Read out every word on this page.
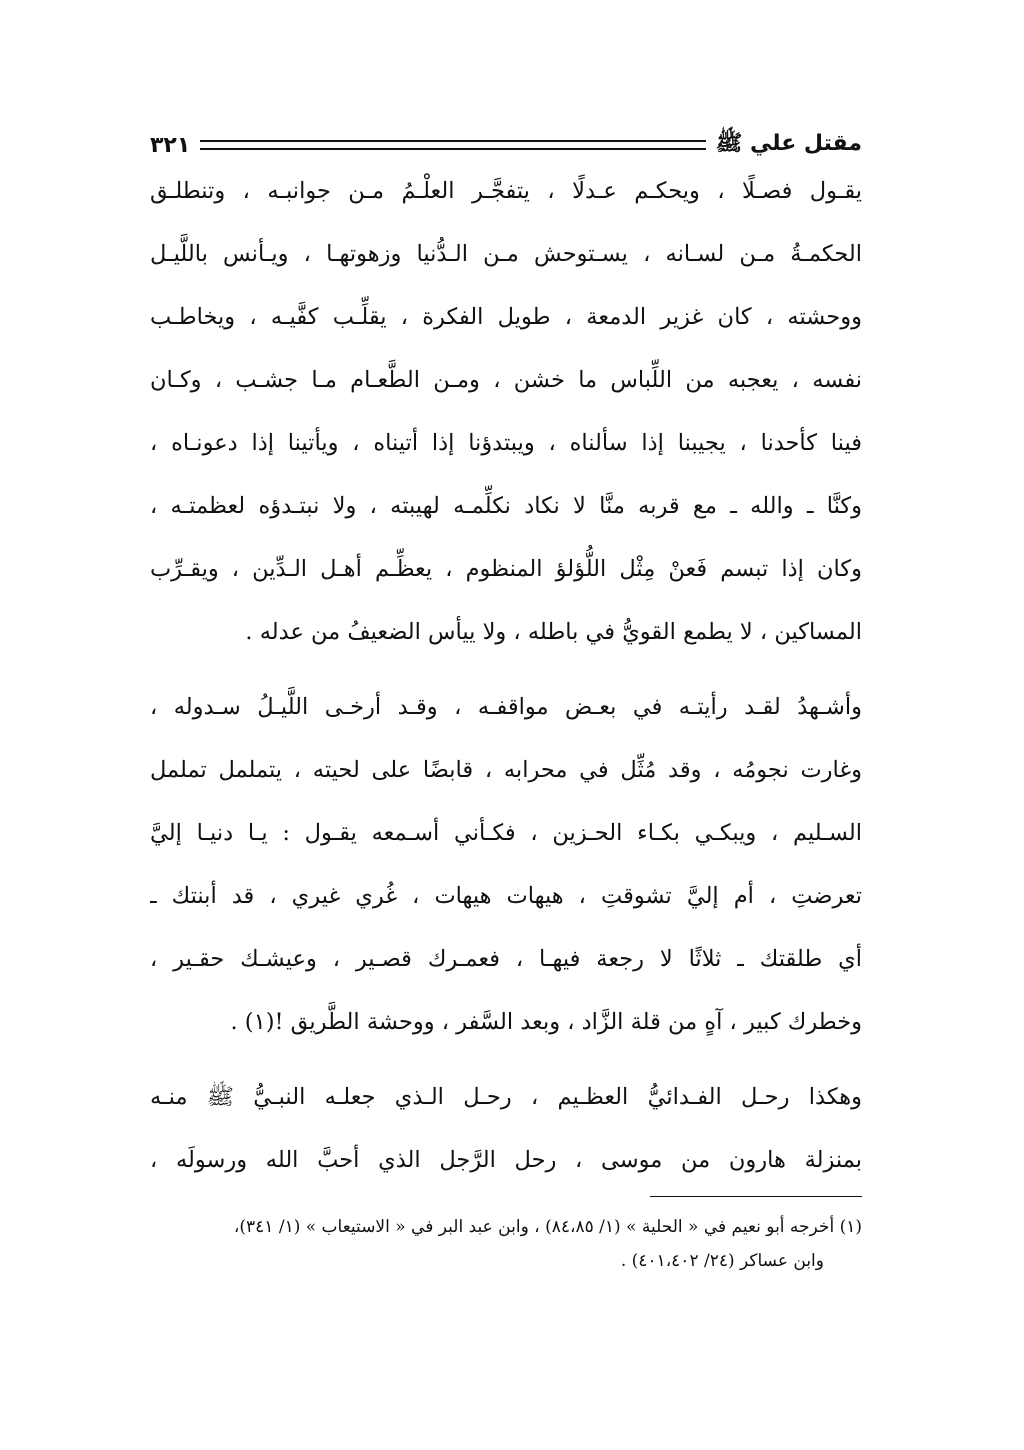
مقتل علي ﷺ
٣٢١
يقـول فصـلًا ، ويحكـم عـدلًا ، يتفجَّـر العلْـمُ مـن جوانبـه ، وتنطلـق
الحكمـةُ مـن لسـانه ، يسـتوحش مـن الـدُّنيا وزهوتهـا ، ويـأنس باللَّيـل
ووحشته ، كان غزير الدمعة ، طويل الفكرة ، يقلِّـب كفَّيـه ، ويخاطـب
نفسه ، يعجبه من اللِّباس ما خشن ، ومـن الطَّعـام مـا جشـب ، وكـان
فينا كأحدنا ، يجيبنا إذا سألناه ، ويبتدؤنا إذا أتيناه ، ويأتينا إذا دعونـاه ،
وكنَّا ـ والله ـ مع قربه منَّا لا نكاد نكلِّمـه لهيبته ، ولا نبتـدؤه لعظمتـه ،
وكان إذا تبسم فَعنْ مِثْل اللُّؤلؤ المنظوم ، يعظِّـم أهـل الـدِّين ، ويقـرِّب
المساكين ، لا يطمع القويُّ في باطله ، ولا ييأس الضعيفُ من عدله .
وأشـهدُ لقـد رأيتـه في بعـض مواقفـه ، وقـد أرخـى اللَّيـلُ سـدوله ،
وغارت نجومُه ، وقد مُثِّل في محرابه ، قابضًا على لحيته ، يتململ تململ
السـليم ، ويبكـي بكـاء الحـزين ، فكـأني أسـمعه يقـول : يـا دنيـا إليَّ
تعرضتِ ، أم إليَّ تشوقتِ ، هيهات هيهات ، غُري غيري ، قد أبنتك ـ
أي طلقتك ـ ثلاثًا لا رجعة فيهـا ، فعمـرك قصـير ، وعيشـك حقـير ،
وخطرك كبير ، آهٍ من قلة الزَّاد ، وبعد السَّفر ، ووحشة الطَّريق !(١) .
وهكذا رحـل الفـدائيُّ العظـيم ، رحـل الـذي جعلـه النبـيُّ ﷺ منـه
بمنزلة هارون من موسى ، رحل الرَّجل الذي أحبَّ الله ورسولَه ،
(١) أخرجه أبو نعيم في « الحلية » (١/ ٨٤،٨٥) ، وابن عبد البر في « الاستيعاب » (١/ ٣٤١)،
وابن عساكر (٢٤/ ٤٠١،٤٠٢) .
